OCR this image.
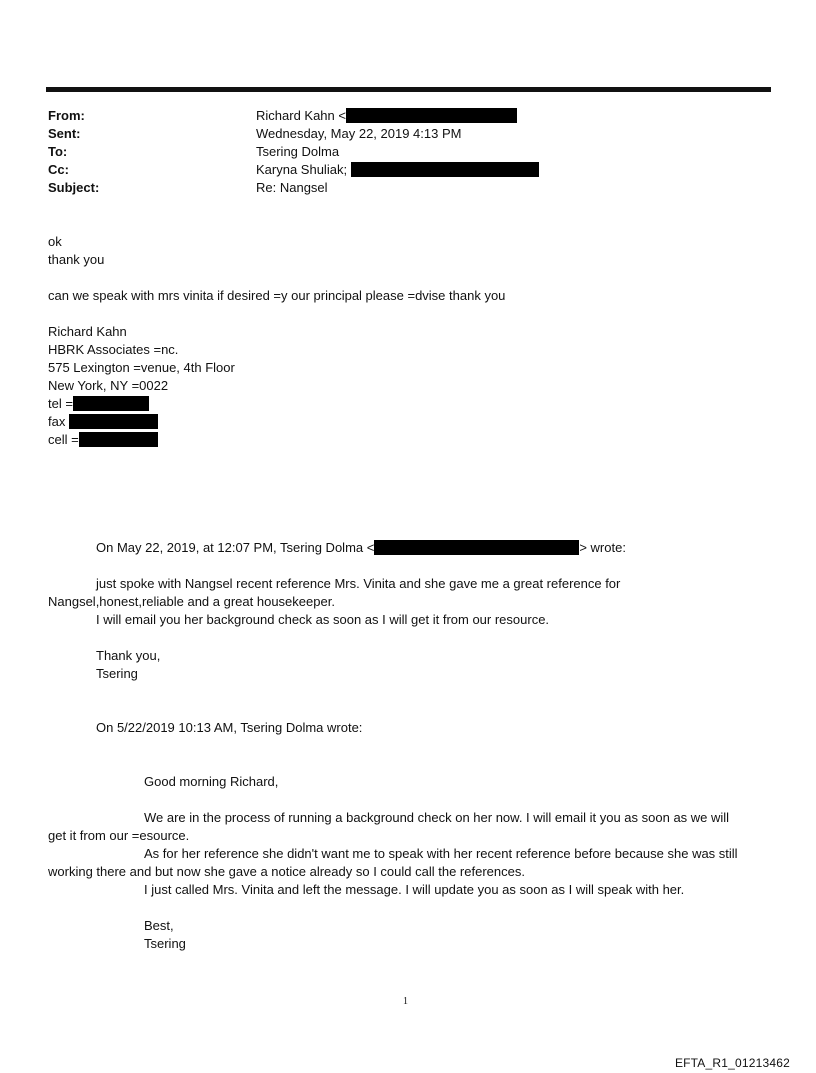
From:	Richard Kahn <
Sent:	Wednesday, May 22, 2019 4:13 PM
To:	Tsering Dolma
Cc:	Karyna Shuliak;
Subject:	Re: Nangsel
ok
thank you
can we speak with mrs vinita if desired =y our principal please =dvise thank you
Richard Kahn
HBRK Associates =nc.
575 Lexington =venue, 4th Floor
New York, NY =0022
tel =
fax
cell =
On May 22, 2019, at 12:07 PM, Tsering Dolma <	> wrote:
just spoke with Nangsel recent reference Mrs. Vinita and she gave me a great reference for
Nangsel,honest,reliable and a great housekeeper.
I will email you her background check as soon as I will get it from our resource.
Thank you,
Tsering
On 5/22/2019 10:13 AM, Tsering Dolma wrote:
Good morning Richard,
We are in the process of running a background check on her now. I will email it you as soon as we will
get it from our =esource.
As for her reference she didn't want me to speak with her recent reference before because she was still
working there and but now she gave a notice already so I could call the references.
I just called Mrs. Vinita and left the message. I will update you as soon as I will speak with her.
Best,
Tsering
1
EFTA_R1_01213462
